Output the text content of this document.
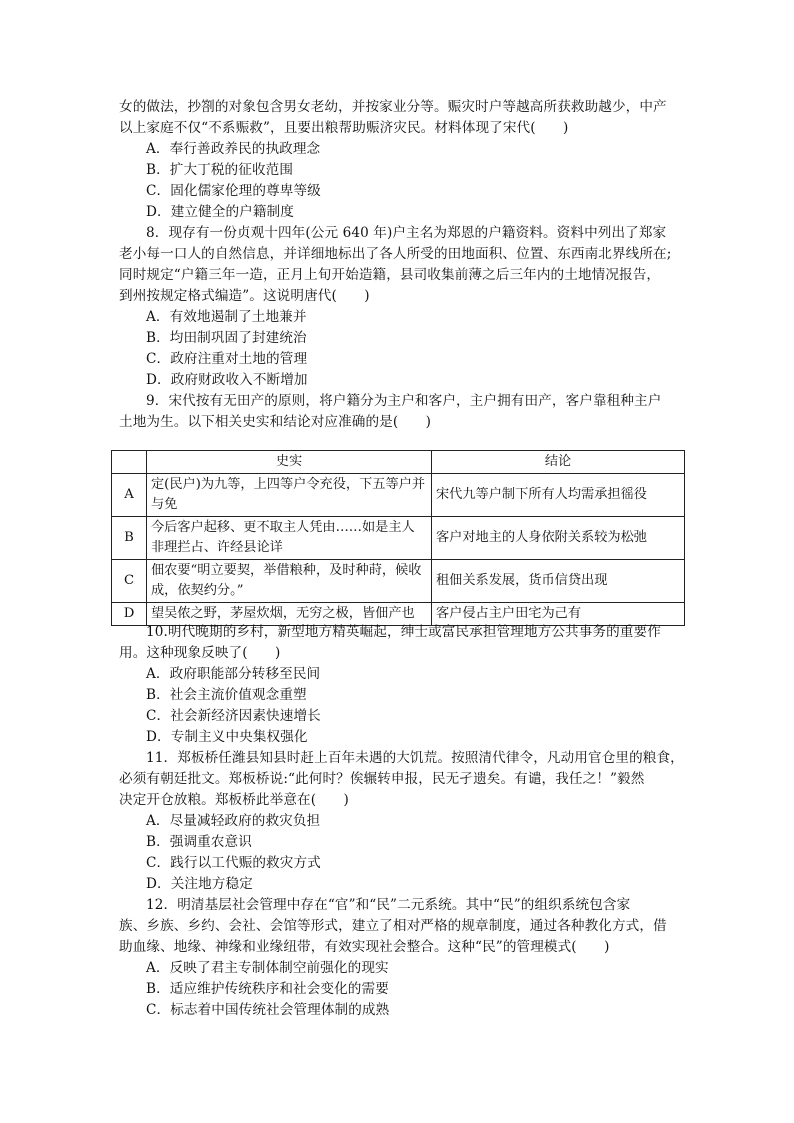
女的做法，抄劄的对象包含男女老幼，并按家业分等。赈灾时户等越高所获救助越少，中产
以上家庭不仅“不系赈救”，且要出粮帮助赈济灾民。材料体现了宋代(　　)
A．奉行善政养民的执政理念
B．扩大丁税的征收范围
C．固化儒家伦理的尊卑等级
D．建立健全的户籍制度
8．现存有一份贞观十四年(公元 640 年)户主名为郑恩的户籍资料。资料中列出了郑家
老小每一口人的自然信息，并详细地标出了各人所受的田地面积、位置、东西南北界线所在;
同时规定“户籍三年一造，正月上旬开始造籍，县司收集前薄之后三年内的土地情况报告，
到州按规定格式编造”。这说明唐代(　　)
A．有效地遏制了土地兼并
B．均田制巩固了封建统治
C．政府注重对土地的管理
D．政府财政收入不断增加
9．宋代按有无田产的原则，将户籍分为主户和客户，主户拥有田产，客户靠租种主户
土地为生。以下相关史实和结论对应准确的是(　　)
	史实	结论
A	定(民户)为九等，上四等户令充役，下五等户并与免	宋代九等户制下所有人均需承担徭役
B	今后客户起移、更不取主人凭由……如是主人非理拦占、许经县论详	客户对地主的人身依附关系较为松弛
C	佃农要“明立要契，举借粮种，及时种莳，候收成，依契约分。”	租佃关系发展，货币信贷出现
D	望吴侬之野，茅屋炊烟，无穷之极，皆佃产也	客户侵占主户田宅为己有
10.明代晚期的乡村，新型地方精英崛起，绅士或富民承担管理地方公共事务的重要作
用。这种现象反映了(　　)
A．政府职能部分转移至民间
B．社会主流价值观念重塑
C．社会新经济因素快速增长
D．专制主义中央集权强化
11．郑板桥任潍县知县时赶上百年未遇的大饥荒。按照清代律令，凡动用官仓里的粮食，
必须有朝廷批文。郑板桥说:“此何时？俟辗转申报，民无孑遗矣。有谴，我任之！”毅然
决定开仓放粮。郑板桥此举意在(　　)
A．尽量减轻政府的救灾负担
B．强调重农意识
C．践行以工代赈的救灾方式
D．关注地方稳定
12．明清基层社会管理中存在“官”和“民”二元系统。其中“民”的组织系统包含家
族、乡族、乡约、会社、会馆等形式，建立了相对严格的规章制度，通过各种教化方式，借
助血缘、地缘、神缘和业缘纽带，有效实现社会整合。这种“民”的管理模式(　　)
A．反映了君主专制体制空前强化的现实
B．适应维护传统秩序和社会变化的需要
C．标志着中国传统社会管理体制的成熟
